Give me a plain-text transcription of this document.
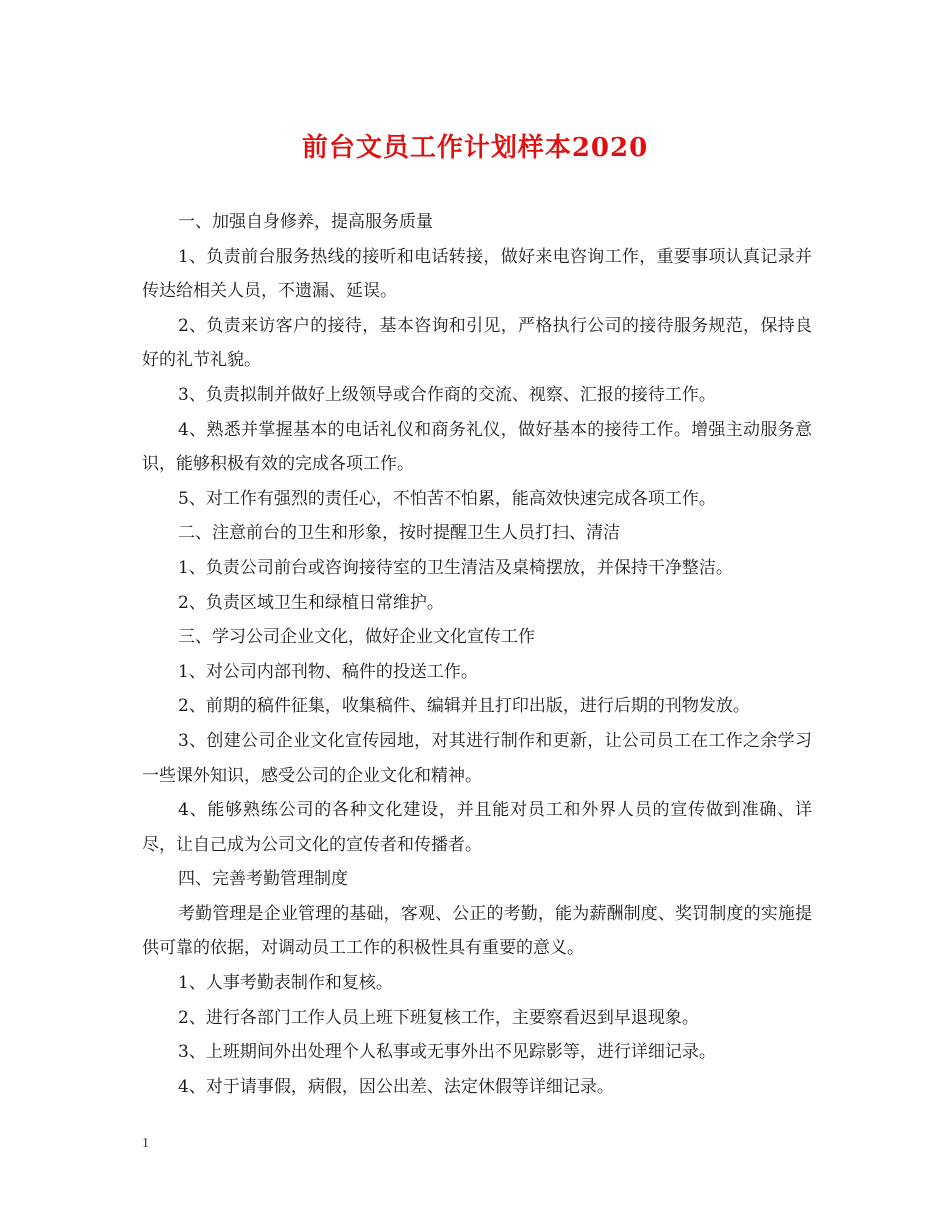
前台文员工作计划样本2020

一、加强自身修养，提高服务质量

1、负责前台服务热线的接听和电话转接，做好来电咨询工作，重要事项认真记录并传达给相关人员，不遗漏、延误。

2、负责来访客户的接待，基本咨询和引见，严格执行公司的接待服务规范，保持良好的礼节礼貌。

3、负责拟制并做好上级领导或合作商的交流、视察、汇报的接待工作。

4、熟悉并掌握基本的电话礼仪和商务礼仪，做好基本的接待工作。增强主动服务意识，能够积极有效的完成各项工作。

5、对工作有强烈的责任心，不怕苦不怕累，能高效快速完成各项工作。

二、注意前台的卫生和形象，按时提醒卫生人员打扫、清洁

1、负责公司前台或咨询接待室的卫生清洁及桌椅摆放，并保持干净整洁。

2、负责区域卫生和绿植日常维护。

三、学习公司企业文化，做好企业文化宣传工作

1、对公司内部刊物、稿件的投送工作。

2、前期的稿件征集，收集稿件、编辑并且打印出版，进行后期的刊物发放。

3、创建公司企业文化宣传园地，对其进行制作和更新，让公司员工在工作之余学习一些课外知识，感受公司的企业文化和精神。

4、能够熟练公司的各种文化建设，并且能对员工和外界人员的宣传做到准确、详尽，让自己成为公司文化的宣传者和传播者。

四、完善考勤管理制度

考勤管理是企业管理的基础，客观、公正的考勤，能为薪酬制度、奖罚制度的实施提供可靠的依据，对调动员工工作的积极性具有重要的意义。

1、人事考勤表制作和复核。

2、进行各部门工作人员上班下班复核工作，主要察看迟到早退现象。

3、上班期间外出处理个人私事或无事外出不见踪影等，进行详细记录。

4、对于请事假，病假，因公出差、法定休假等详细记录。

1
